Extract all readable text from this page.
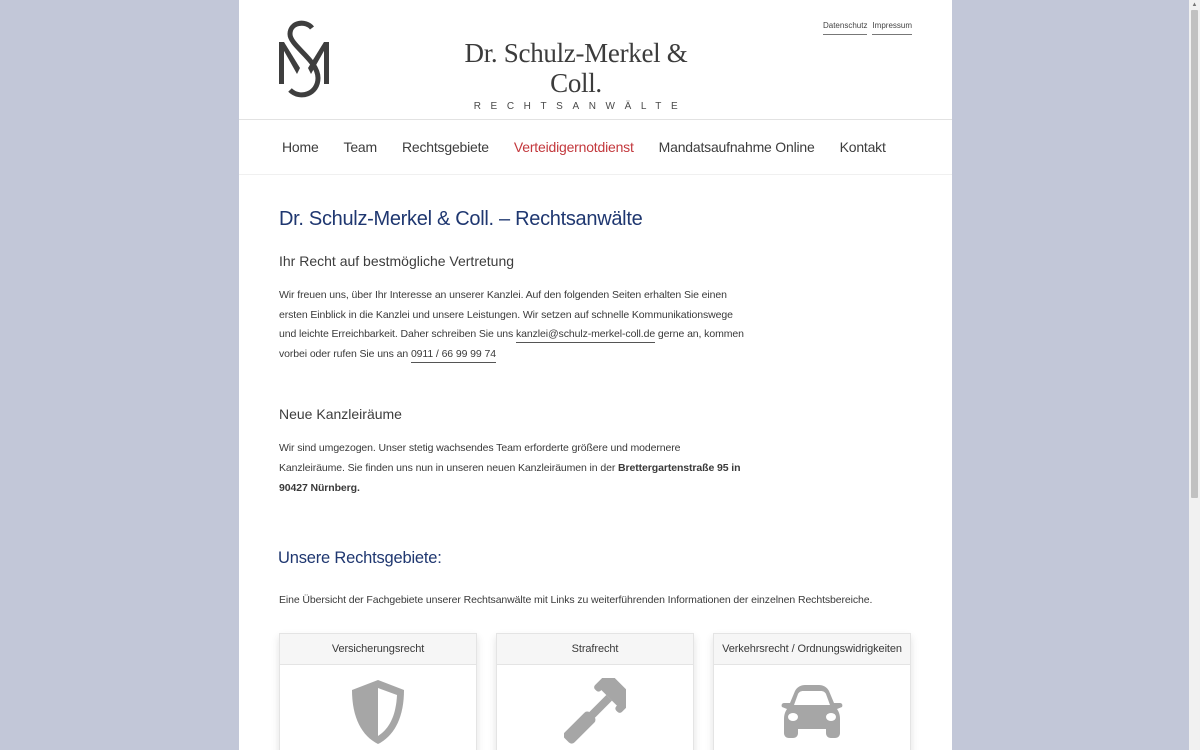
Dr. Schulz-Merkel & Coll.
RECHTSANWÄLTE
Datenschutz Impressum
Home Team Rechtsgebiete Verteidigernotdienst Mandatsaufnahme Online Kontakt
Dr. Schulz-Merkel & Coll. – Rechtsanwälte
Ihr Recht auf bestmögliche Vertretung

Wir freuen uns, über Ihr Interesse an unserer Kanzlei. Auf den folgenden Seiten erhalten Sie einen ersten Einblick in die Kanzlei und unsere Leistungen. Wir setzen auf schnelle Kommunikationswege und leichte Erreichbarkeit. Daher schreiben Sie uns kanzlei@schulz-merkel-coll.de gerne an, kommen vorbei oder rufen Sie uns an 0911 / 66 99 99 74

Neue Kanzleiräume

Wir sind umgezogen. Unser stetig wachsendes Team erforderte größere und modernere Kanzleiräume. Sie finden uns nun in unseren neuen Kanzleiräumen in der Brettergartenstraße 95 in 90427 Nürnberg.

Unsere Rechtsgebiete:

Eine Übersicht der Fachgebiete unserer Rechtsanwälte mit Links zu weiterführenden Informationen der einzelnen Rechtsbereiche.

Versicherungsrecht	Strafrecht	Verkehrsrecht / Ordnungswidrigkeiten
▲
